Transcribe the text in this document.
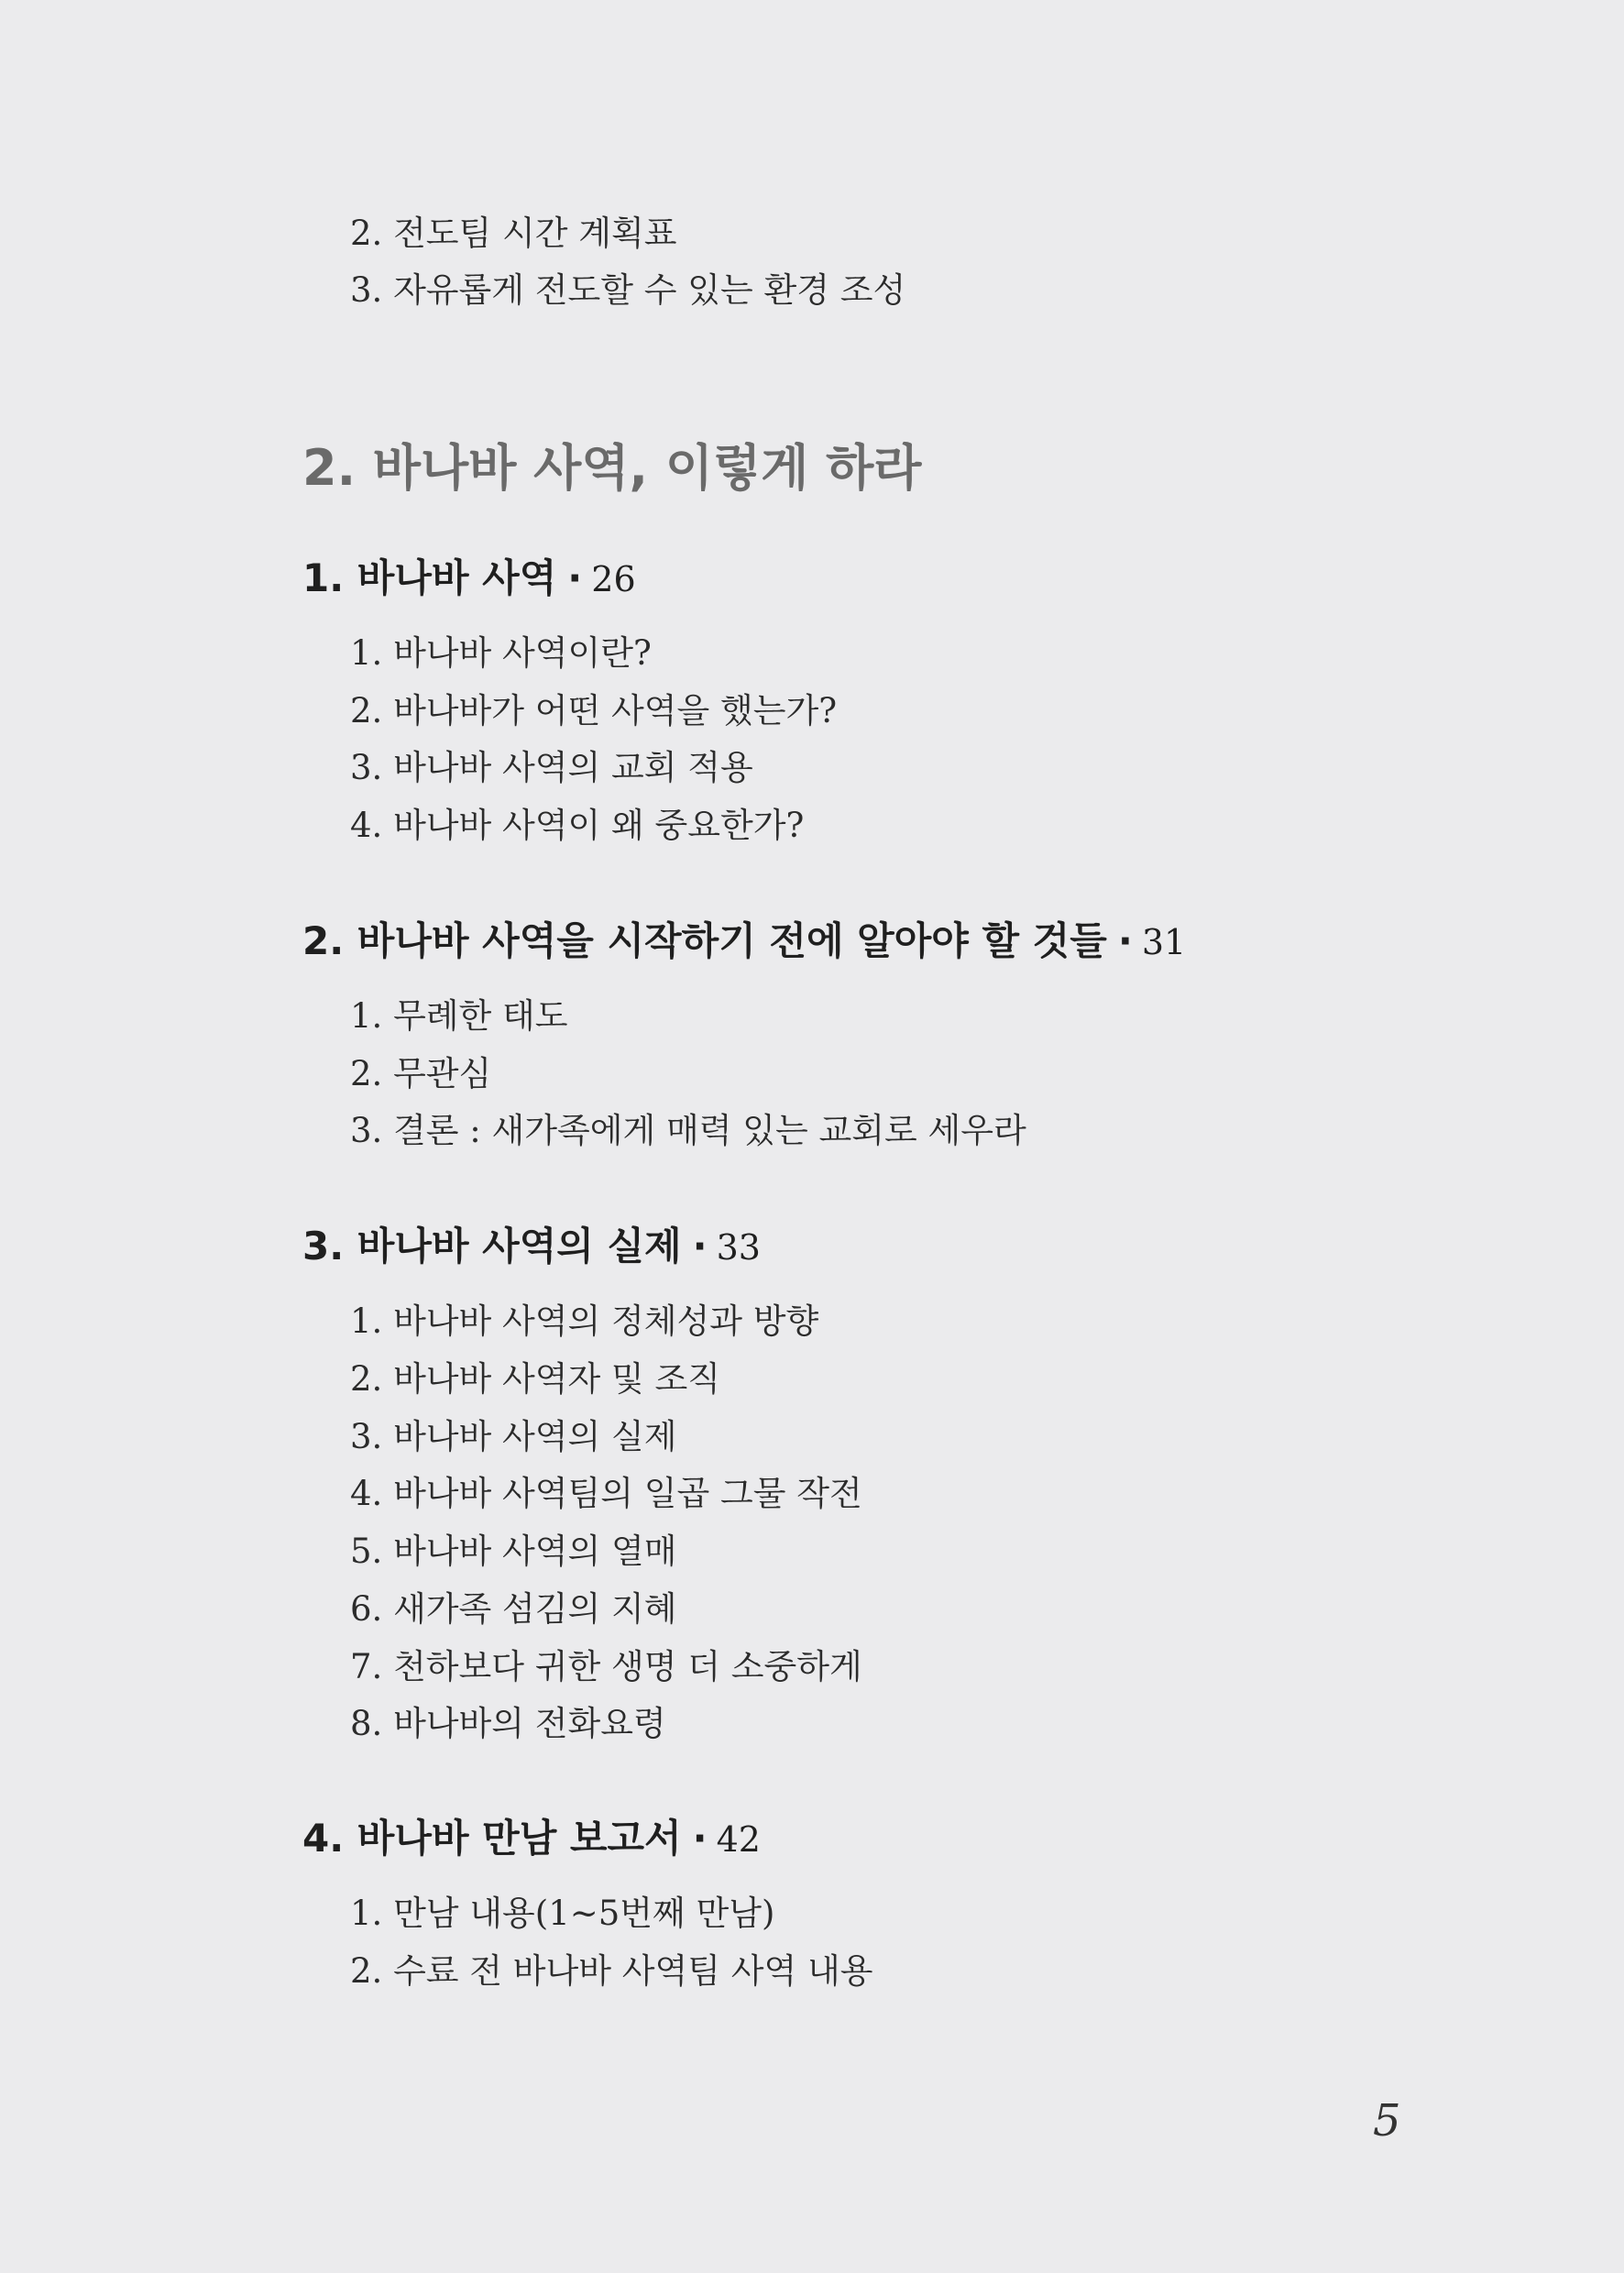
2. 전도팀 시간 계획표
3. 자유롭게 전도할 수 있는 환경 조성
2. 바나바 사역, 이렇게 하라
1. 바나바 사역 · 26
1. 바나바 사역이란?
2. 바나바가 어떤 사역을 했는가?
3. 바나바 사역의 교회 적용
4. 바나바 사역이 왜 중요한가?
2. 바나바 사역을 시작하기 전에 알아야 할 것들 · 31
1. 무례한 태도
2. 무관심
3. 결론 : 새가족에게 매력 있는 교회로 세우라
3. 바나바 사역의 실제 · 33
1. 바나바 사역의 정체성과 방향
2. 바나바 사역자 및 조직
3. 바나바 사역의 실제
4. 바나바 사역팀의 일곱 그물 작전
5. 바나바 사역의 열매
6. 새가족 섬김의 지혜
7. 천하보다 귀한 생명 더 소중하게
8. 바나바의 전화요령
4. 바나바 만남 보고서 · 42
1. 만남 내용(1~5번째 만남)
2. 수료 전 바나바 사역팀 사역 내용
5
